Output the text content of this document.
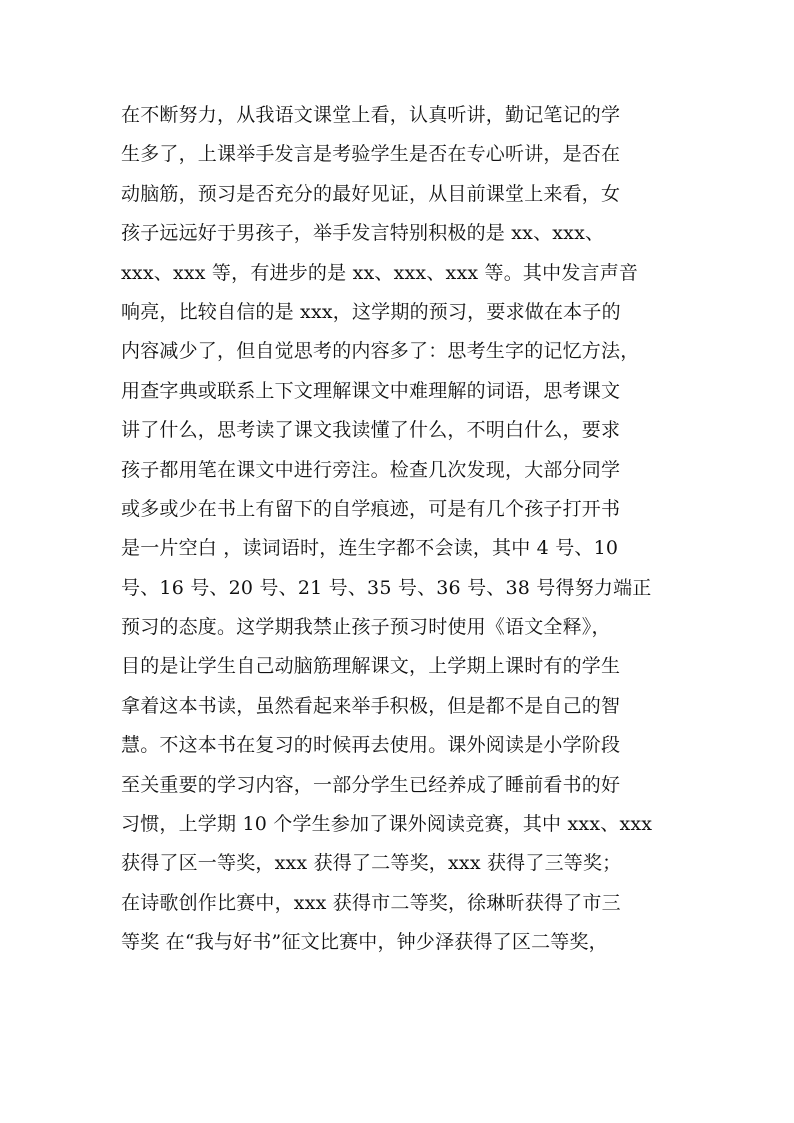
在不断努力，从我语文课堂上看，认真听讲，勤记笔记的学
生多了，上课举手发言是考验学生是否在专心听讲，是否在
动脑筋，预习是否充分的最好见证，从目前课堂上来看，女
孩子远远好于男孩子，举手发言特别积极的是 xx、xxx、
xxx、xxx 等，有进步的是 xx、xxx、xxx 等。其中发言声音
响亮，比较自信的是 xxx，这学期的预习，要求做在本子的
内容减少了，但自觉思考的内容多了：思考生字的记忆方法，
用查字典或联系上下文理解课文中难理解的词语，思考课文
讲了什么，思考读了课文我读懂了什么，不明白什么，要求
孩子都用笔在课文中进行旁注。检查几次发现，大部分同学
或多或少在书上有留下的自学痕迹，可是有几个孩子打开书
是一片空白 ，读词语时，连生字都不会读，其中 4 号、10
号、16 号、20 号、21 号、35 号、36 号、38 号得努力端正
预习的态度。这学期我禁止孩子预习时使用《语文全释》，
目的是让学生自己动脑筋理解课文，上学期上课时有的学生
拿着这本书读，虽然看起来举手积极，但是都不是自己的智
慧。不这本书在复习的时候再去使用。课外阅读是小学阶段
至关重要的学习内容，一部分学生已经养成了睡前看书的好
习惯，上学期 10 个学生参加了课外阅读竞赛，其中 xxx、xxx
获得了区一等奖，xxx 获得了二等奖，xxx 获得了三等奖；
在诗歌创作比赛中，xxx 获得市二等奖，徐琳昕获得了市三
等奖 在“我与好书”征文比赛中，钟少泽获得了区二等奖，
